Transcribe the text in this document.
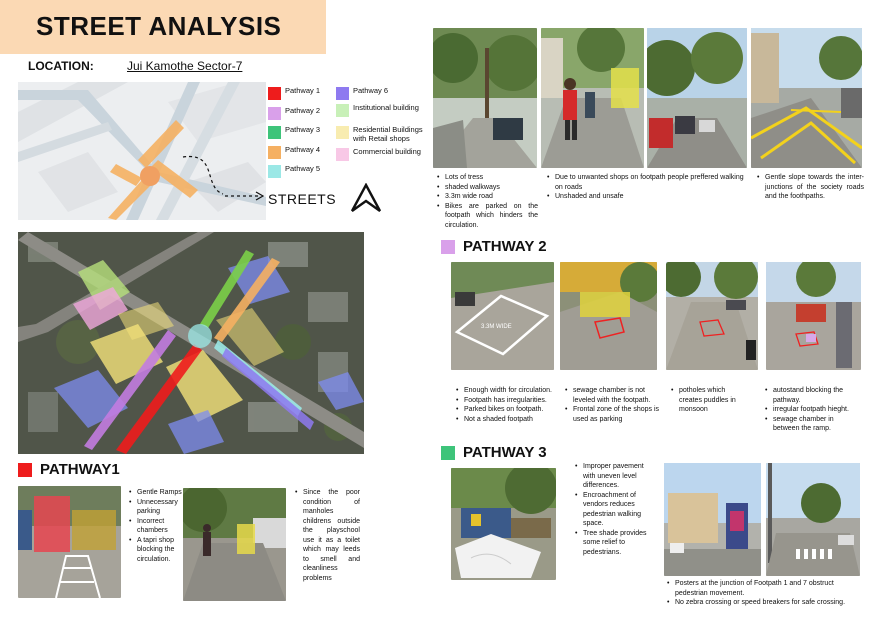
STREET ANALYSIS
LOCATION:	Jui Kamothe Sector-7
STREETS
Pathway 1
Pathway 2
Pathway 3
Pathway 4
Pathway 5
Pathway 6
Institutional building
Residential Buildings with Retail shops
Commercial building
• Lots of tress
• shaded walkways
• 3.3m wide road
• Bikes are parked on the footpath which hinders the circulation.
• Due to unwanted shops on footpath people preffered walking on roads
• Unshaded and unsafe
• Gentle slope towards the inter-junctions of the society roads and the foothpaths.
PATHWAY 2
3.3M WIDE
• Enough width for circulation.
• Footpath has irregularities.
• Parked bikes on footpath.
• Not a shaded footpath
• sewage chamber is not leveled with the footpath.
• Frontal zone of the shops is used as parking
• potholes which creates puddles in monsoon
• autostand blocking the pathway.
• irregular footpath hieght.
• sewage chamber in between the ramp.
PATHWAY 3
• Improper pavement with uneven level differences.
• Encroachment of vendors reduces pedestrian walking space.
• Tree shade provides some relief to pedestrians.
• Posters at the junction of Footpath 1 and 7 obstruct pedestrian movement.
• No zebra crossing or speed breakers for safe crossing.
PATHWAY1
• Gentle Ramps
• Unnecessary parking
• Incorrect chambers
• A tapri shop blocking the circulation.
• Since the poor condition of manholes childrens outside the playschool use it as a toilet which may leeds to smell and cleanliness problems
